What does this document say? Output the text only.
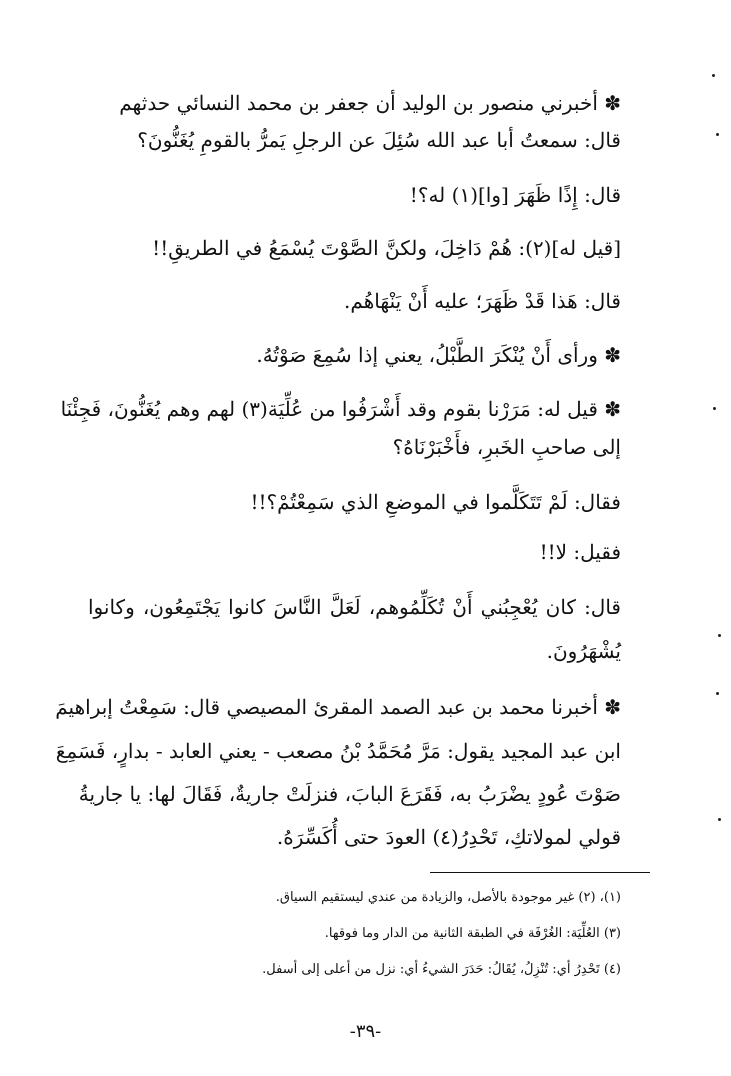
✽ أخبرني منصور بن الوليد أن جعفر بن محمد النسائي حدثهم
قال: سمعتُ أبا عبد الله سُئِلَ عن الرجلِ يَمرُّ بالقومِ يُغَنُّونَ؟
قال: إِذًا ظَهَرَ [وا](١) له؟!
[قيل له](٢): هُمْ دَاخِلَ، ولكنَّ الصَّوْتَ يُسْمَعُ في الطريقِ!!
قال: هَذا قَدْ ظَهَرَ؛ عليه أَنْ يَنْهَاهُم.
✽ ورأى أَنْ يُنْكَرَ الطَّبْلُ، يعني إذا سُمِعَ صَوْتُهُ.
✽ قيل له: مَرَرْنا بقوم وقد أَشْرَفُوا من عُلِّيَة(٣) لهم وهم يُغَنُّونَ، فَجِئْنَا
إلى صاحبِ الخَبرِ، فأَخْبَرْنَاهُ؟
فقال: لَمْ تَتَكَلَّموا في الموضعِ الذي سَمِعْتُمْ؟!!
فقيل: لا!!
قال: كان يُعْجِبُني أَنْ تُكَلِّمُوهم، لَعَلَّ النَّاسَ كانوا يَجْتَمِعُون، وكانوا
يُشْهَرُونَ.
✽ أخبرنا محمد بن عبد الصمد المقرئ المصيصي قال: سَمِعْتُ إبراهيمَ
ابن عبد المجيد يقول: مَرَّ مُحَمَّدُ بْنُ مصعب - يعني العابد - بدارٍ، فَسَمِعَ
صَوْتَ عُودٍ يضْرَبُ به، فَقَرَعَ البابَ، فنزلَتْ جاريةٌ، فَقَالَ لها: يا جاريةُ
قولي لمولاتكِ، تَحْدِرُ(٤) العودَ حتى أُكَسِّرَهُ.
(١)، (٢) غير موجودة بالأصل، والزيادة من عندي ليستقيم السياق.
(٣) العُلِّيَة: الغُرْفَة في الطبقة الثانية من الدار وما فوقها.
(٤) تَحْدِرُ أي: تُنْزِلُ، يُقَالُ: حَدَرَ الشيءُ أي: نزل من أعلى إلى أسفل.
-٣٩-
